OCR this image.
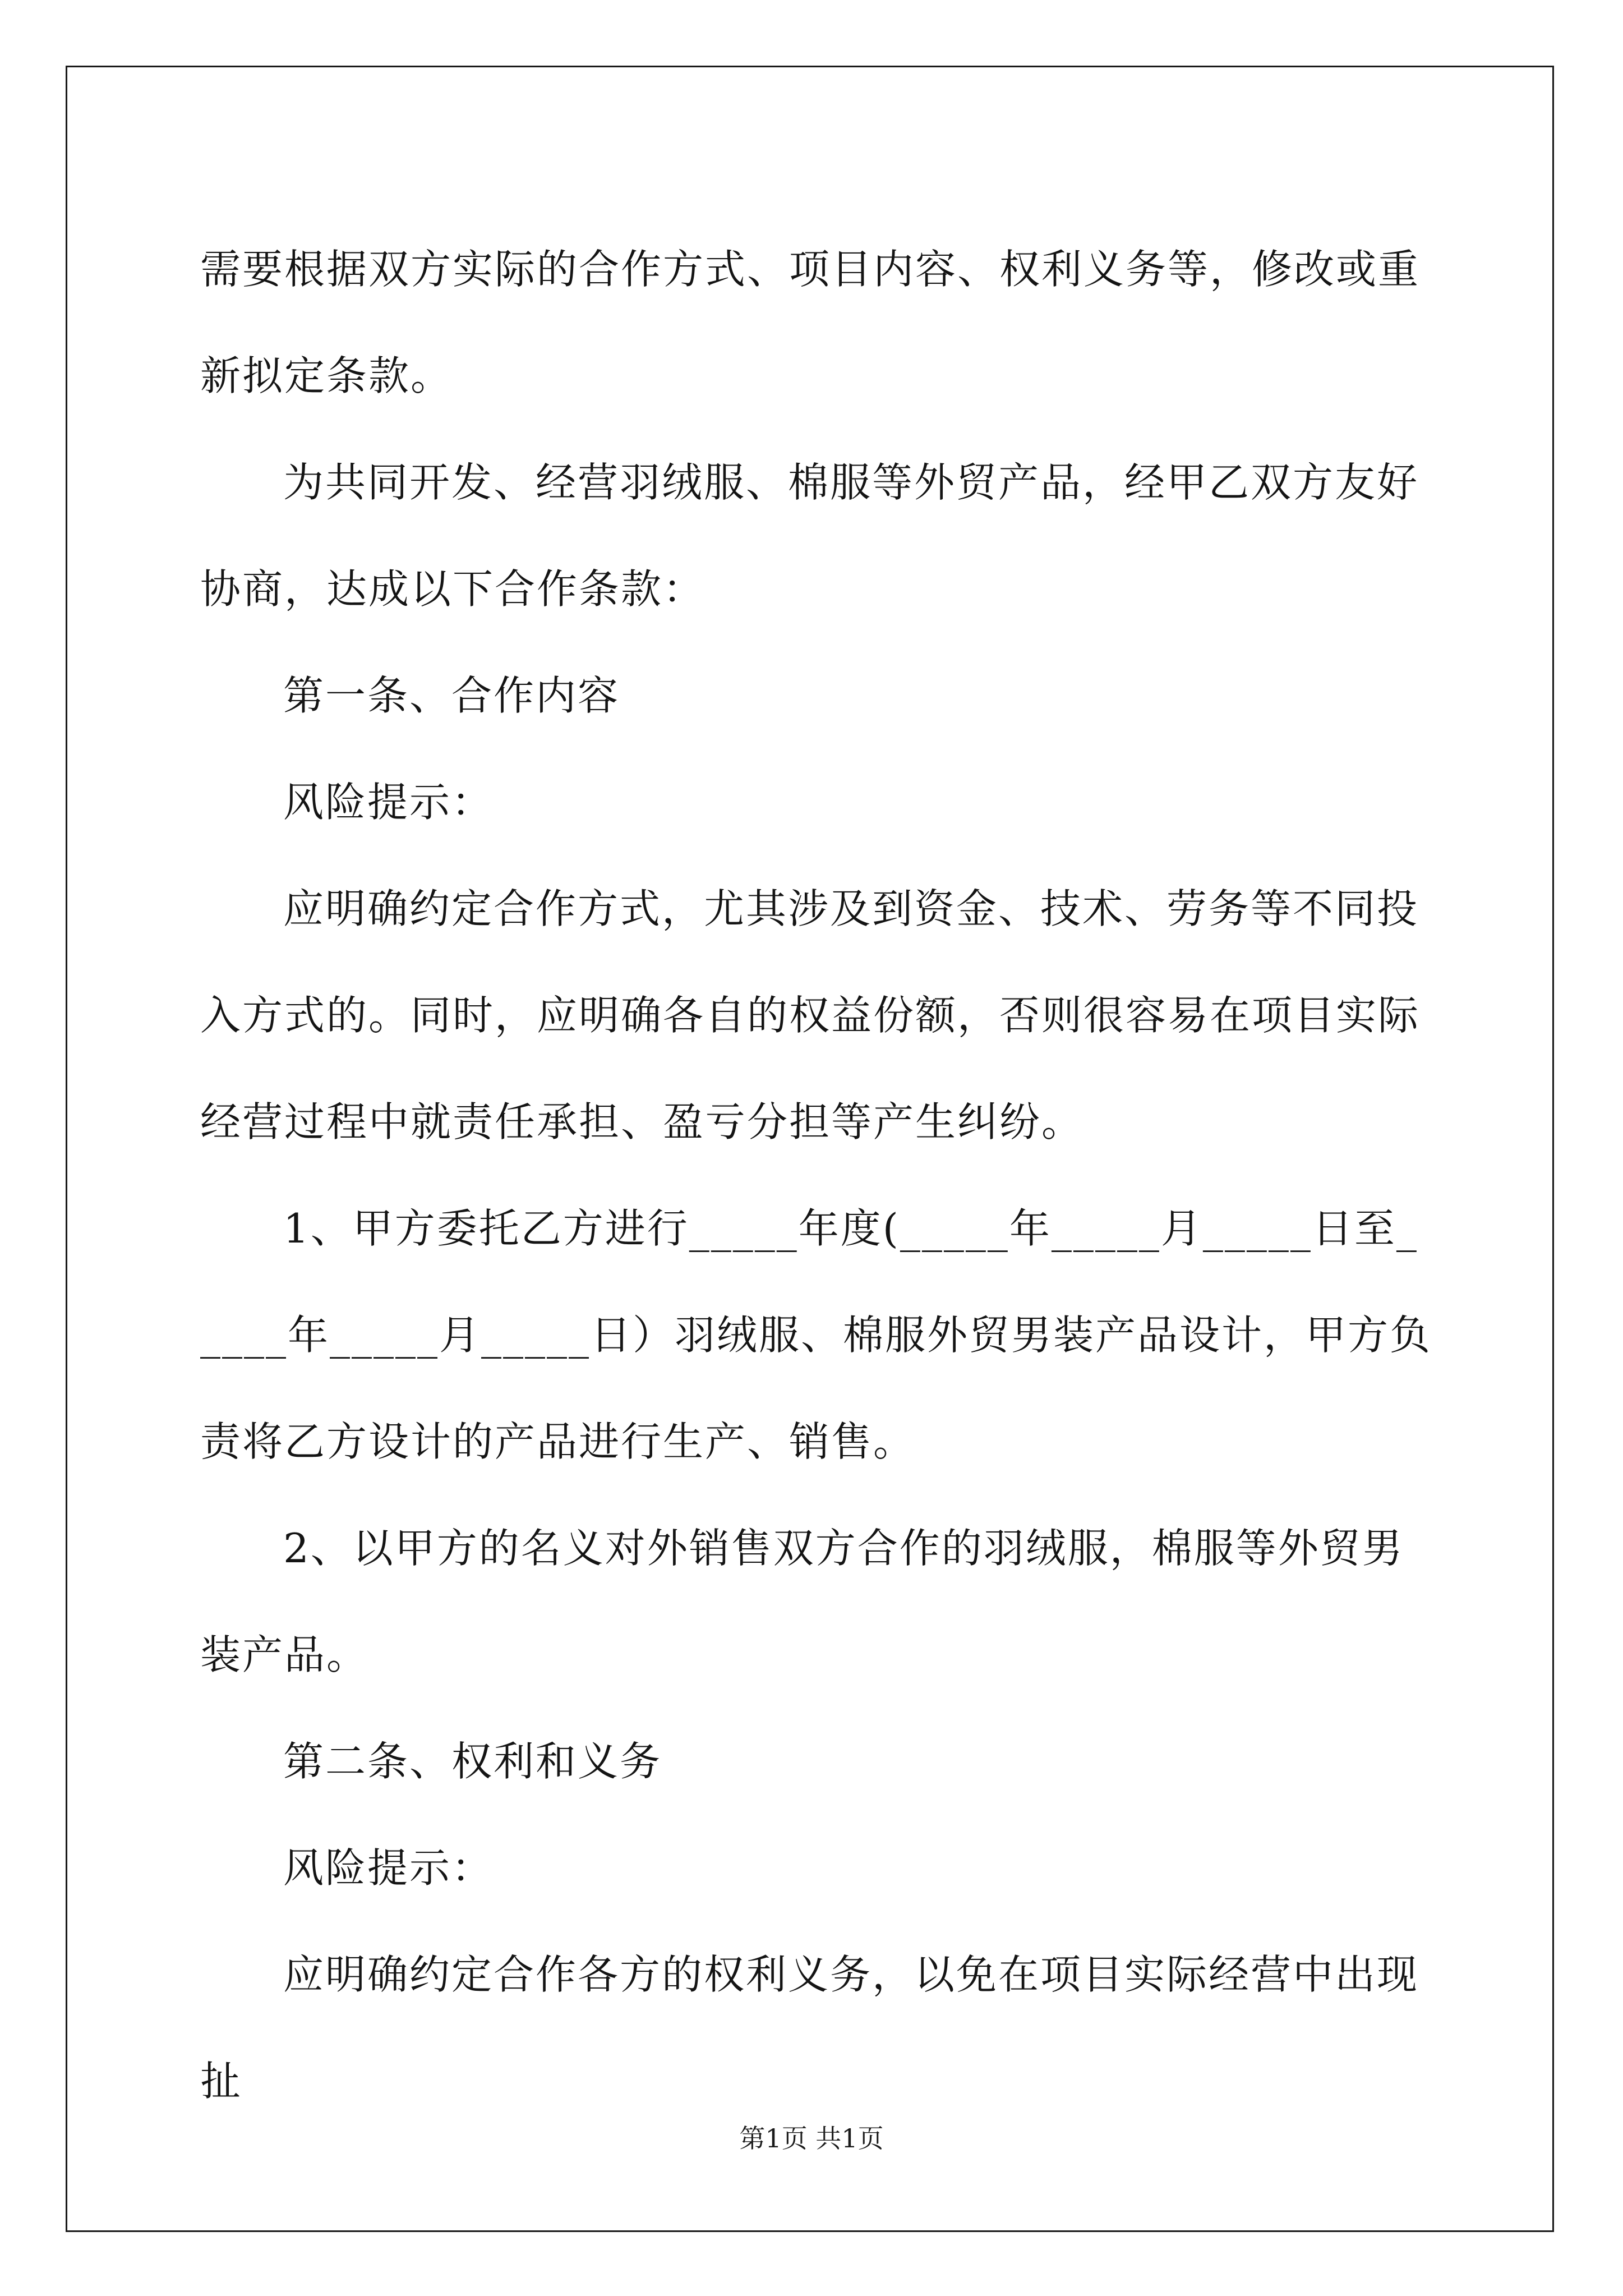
需要根据双方实际的合作方式、项目内容、权利义务等，修改或重新拟定条款。

为共同开发、经营羽绒服、棉服等外贸产品，经甲乙双方友好协商，达成以下合作条款：

第一条、合作内容

风险提示：

应明确约定合作方式，尤其涉及到资金、技术、劳务等不同投入方式的。同时，应明确各自的权益份额，否则很容易在项目实际经营过程中就责任承担、盈亏分担等产生纠纷。

1、甲方委托乙方进行_____年度(_____年_____月_____日至_____年_____月_____日）羽绒服、棉服外贸男装产品设计，甲方负责将乙方设计的产品进行生产、销售。

2、以甲方的名义对外销售双方合作的羽绒服，棉服等外贸男装产品。

第二条、权利和义务

风险提示：

应明确约定合作各方的权利义务，以免在项目实际经营中出现扯

第1页 共1页
